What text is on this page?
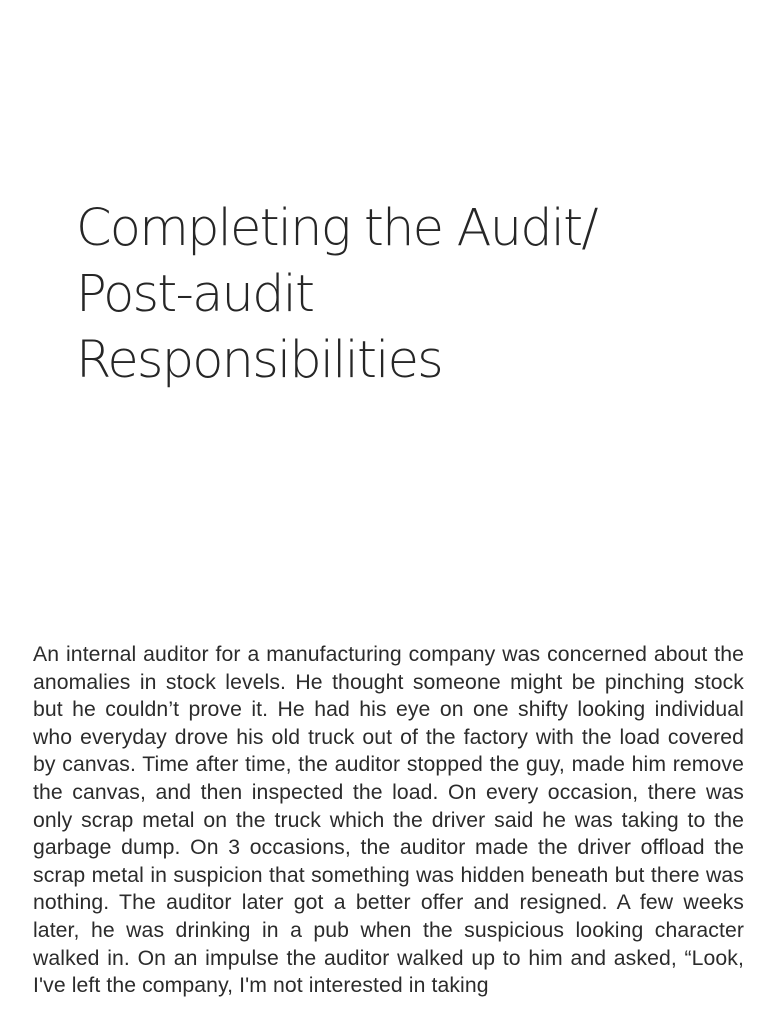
Completing the Audit/
Post-audit
Responsibilities

An internal auditor for a manufacturing company was concerned about the anomalies in stock levels. He thought someone might be pinching stock but he couldn’t prove it. He had his eye on one shifty looking individual who everyday drove his old truck out of the factory with the load covered by canvas. Time after time, the auditor stopped the guy, made him remove the canvas, and then inspected the load. On every occasion, there was only scrap metal on the truck which the driver said he was taking to the garbage dump. On 3 occasions, the auditor made the driver offload the scrap metal in suspicion that something was hidden beneath but there was nothing. The auditor later got a better offer and resigned. A few weeks later, he was drinking in a pub when the suspicious looking character walked in. On an impulse the auditor walked up to him and asked, “Look, I've left the company, I'm not interested in taking
